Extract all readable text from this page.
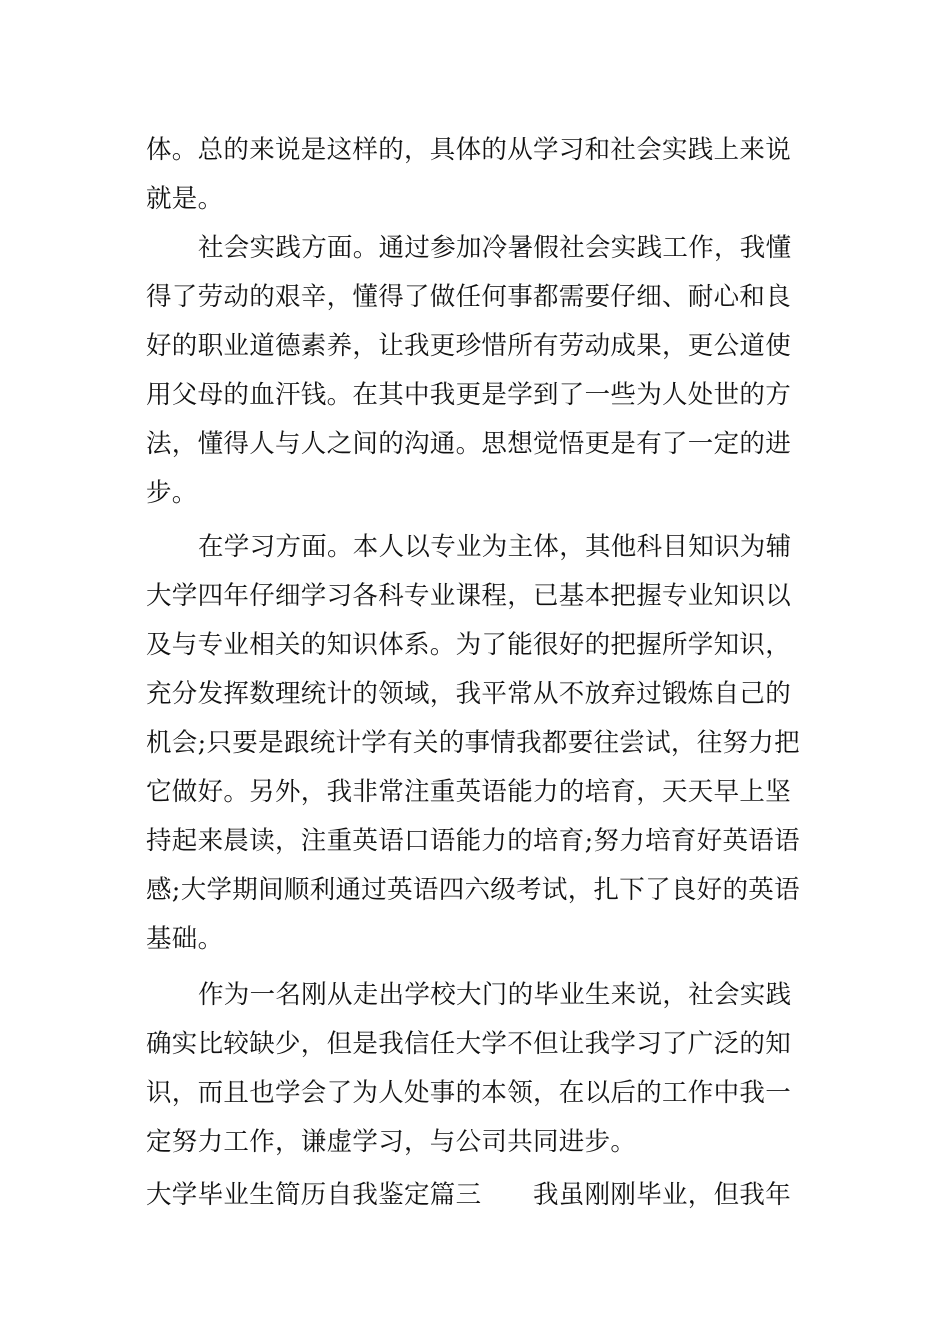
体。总的来说是这样的，具体的从学习和社会实践上来说
就是。
社会实践方面。通过参加冷暑假社会实践工作，我懂
得了劳动的艰辛，懂得了做任何事都需要仔细、耐心和良
好的职业道德素养，让我更珍惜所有劳动成果，更公道使
用父母的血汗钱。在其中我更是学到了一些为人处世的方
法，懂得人与人之间的沟通。思想觉悟更是有了一定的进
步。
在学习方面。本人以专业为主体，其他科目知识为辅
大学四年仔细学习各科专业课程，已基本把握专业知识以
及与专业相关的知识体系。为了能很好的把握所学知识，
充分发挥数理统计的领域，我平常从不放弃过锻炼自己的
机会;只要是跟统计学有关的事情我都要往尝试，往努力把
它做好。另外，我非常注重英语能力的培育，天天早上坚
持起来晨读，注重英语口语能力的培育;努力培育好英语语
感;大学期间顺利通过英语四六级考试，扎下了良好的英语
基础。
作为一名刚从走出学校大门的毕业生来说，社会实践
确实比较缺少，但是我信任大学不但让我学习了广泛的知
识，而且也学会了为人处事的本领，在以后的工作中我一
定努力工作，谦虚学习，与公司共同进步。
大学毕业生简历自我鉴定篇三　　我虽刚刚毕业，但我年
